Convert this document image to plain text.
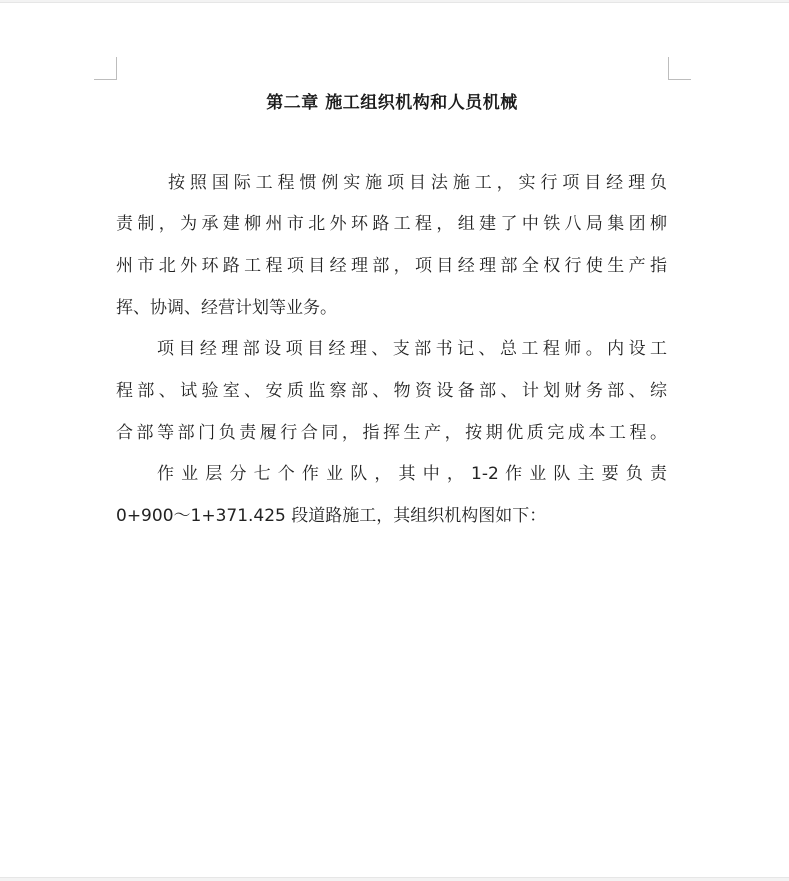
第二章 施工组织机构和人员机械
按照国际工程惯例实施项目法施工，实行项目经理负
责制，为承建柳州市北外环路工程，组建了中铁八局集团柳
州市北外环路工程项目经理部，项目经理部全权行使生产指
挥、协调、经营计划等业务。
项目经理部设项目经理、支部书记、总工程师。内设工
程部、试验室、安质监察部、物资设备部、计划财务部、综
合部等部门负责履行合同，指挥生产，按期优质完成本工程。
作 业 层 分 七 个 作 业 队 ， 其 中 ， 1-2 作 业 队 主 要 负 责
0+900～1+371.425 段道路施工，其组织机构图如下：
